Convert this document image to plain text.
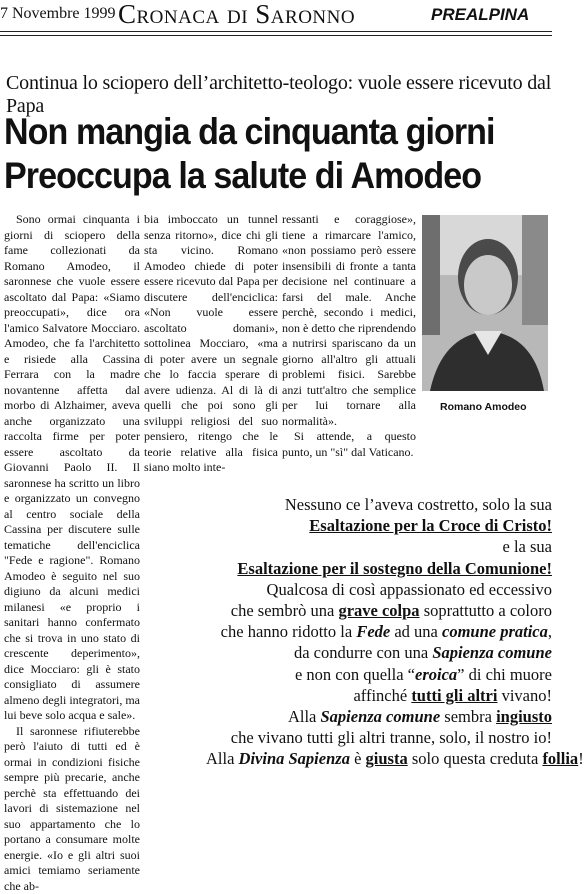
7 Novembre 1999 Cronaca di Saronno	PREALPINA
Continua lo sciopero dell’architetto-teologo: vuole essere ricevuto dal Papa
Non mangia da cinquanta giorni
Preoccupa la salute di Amodeo

Sono ormai cinquanta i giorni di sciopero della fame collezionati da Romano Amodeo, il saronnese che vuole essere ascoltato dal Papa: «Siamo preoccupati», dice ora l'amico Salvatore Mocciaro. Amodeo, che fa l'architetto e risiede alla Cassina Ferrara con la madre novantenne affetta dal morbo di Alzhaimer, aveva anche organizzato una raccolta firme per poter essere ascoltato da Giovanni Paolo II. Il saronnese ha scritto un libro e organizzato un convegno al centro sociale della Cassina per discutere sulle tematiche dell'enciclica "Fede e ragione". Romano Amodeo è seguito nel suo digiuno da alcuni medici milanesi «e proprio i sanitari hanno confermato che si trova in uno stato di crescente deperimento», dice Mocciaro: gli è stato consigliato di assumere almeno degli integratori, ma lui beve solo acqua e sale».

Il saronnese rifiuterebbe però l'aiuto di tutti ed è ormai in condizioni fisiche sempre più precarie, anche perchè sta effettuando dei lavori di sistemazione nel suo appartamento che lo portano a consumare molte energie. «Io e gli altri suoi amici temiamo seriamente che ab-

bia imboccato un tunnel senza ritorno», dice chi gli sta vicino. Romano Amodeo chiede di poter essere ricevuto dal Papa per discutere dell'enciclica: «Non vuole essere ascoltato domani», sottolinea Mocciaro, «ma di poter avere un segnale che lo faccia sperare di avere udienza. Al di là di quelli che poi sono gli sviluppi religiosi del suo pensiero, ritengo che le teorie relative alla fisica siano molto inte-

ressanti e coraggiose», tiene a rimarcare l'amico, «non possiamo però essere insensibili di fronte a tanta decisione nel continuare a farsi del male. Anche perchè, secondo i medici, non è detto che riprendendo a nutrirsi spariscano da un giorno all'altro gli attuali problemi fisici. Sarebbe anzi tutt'altro che semplice per lui tornare alla normalità».

Si attende, a questo punto, un "sì" dal Vaticano.

Romano Amodeo
Nessuno ce l’aveva costretto, solo la sua
Esaltazione per la Croce di Cristo!
e la sua
Esaltazione per il sostegno della Comunione!
Qualcosa di così appassionato ed eccessivo
che sembrò una grave colpa soprattutto a coloro
che hanno ridotto la Fede ad una comune pratica,
da condurre con una Sapienza comune
e non con quella “eroica” di chi muore
affinché tutti gli altri vivano!
Alla Sapienza comune sembra ingiusto
che vivano tutti gli altri tranne, solo, il nostro io!
Alla Divina Sapienza è giusta solo questa creduta follia!
